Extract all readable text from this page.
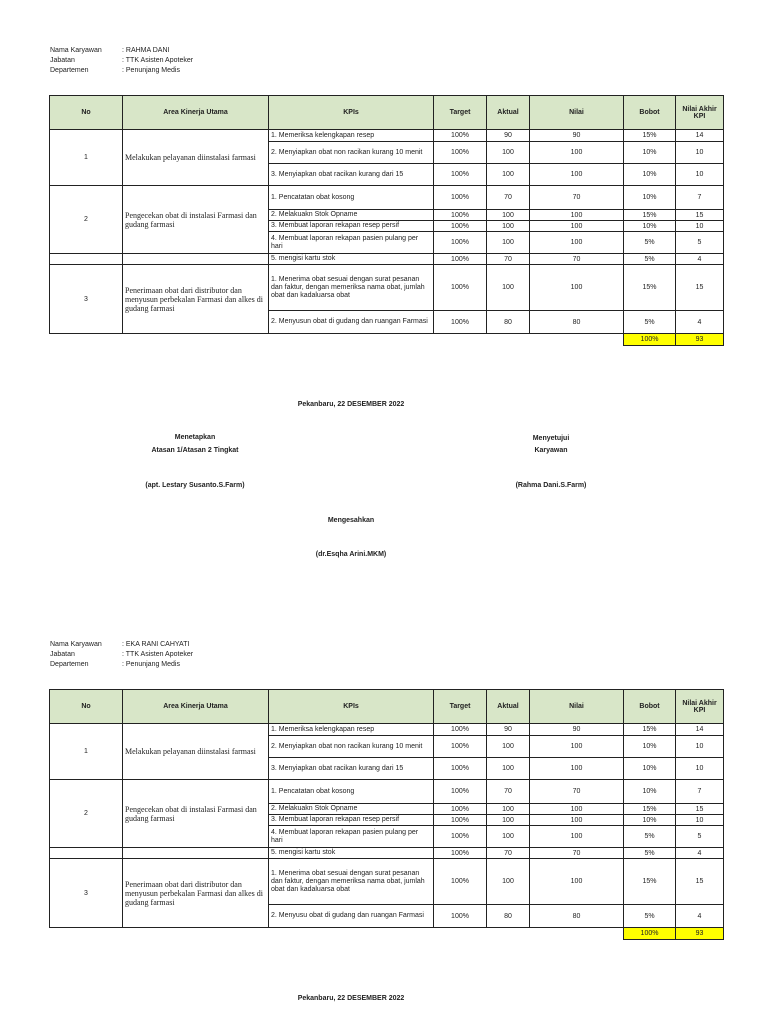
Nama Karyawan	: RAHMA DANI
Jabatan	: TTK Asisten Apoteker
Departemen	: Penunjang Medis
No	Area Kinerja Utama	KPIs	Target	Aktual	Nilai	Bobot	Nilai Akhir KPI
1	Melakukan pelayanan diinstalasi farmasi	1. Memeriksa kelengkapan resep	100%	90	90	15%	14
		2. Menyiapkan obat non racikan kurang 10 menit	100%	100	100	10%	10
		3. Menyiapkan obat racikan kurang dari 15	100%	100	100	10%	10
2	Pengecekan obat di instalasi Farmasi dan gudang farmasi	1. Pencatatan obat kosong	100%	70	70	10%	7
		2. Melakuakn Stok Opname	100%	100	100	15%	15
		3. Membuat laporan rekapan resep persif	100%	100	100	10%	10
		4. Membuat laporan rekapan pasien pulang per hari	100%	100	100	5%	5
		5. mengisi kartu stok	100%	70	70	5%	4
3	Penerimaan obat dari distributor dan menyusun perbekalan Farmasi dan alkes di gudang farmasi	1. Menerima obat sesuai dengan surat pesanan dan faktur, dengan memeriksa nama obat, jumlah obat dan kadaluarsa obat	100%	100	100	15%	15
		2. Menyusun obat di gudang dan ruangan Farmasi	100%	80	80	5%	4
						100%	93
Pekanbaru, 22 DESEMBER 2022
Menetapkan
Atasan 1/Atasan 2 Tingkat
(apt. Lestary Susanto.S.Farm)
Menyetujui
Karyawan
(Rahma Dani.S.Farm)
Mengesahkan
(dr.Esqha Arini.MKM)
Nama Karyawan	: EKA RANI CAHYATI
Jabatan	: TTK Asisten Apoteker
Departemen	: Penunjang Medis
No	Area Kinerja Utama	KPIs	Target	Aktual	Nilai	Bobot	Nilai Akhir KPI
1	Melakukan pelayanan diinstalasi farmasi	1. Memeriksa kelengkapan resep	100%	90	90	15%	14
		2. Menyiapkan obat non racikan kurang 10 menit	100%	100	100	10%	10
		3. Menyiapkan obat racikan kurang dari 15	100%	100	100	10%	10
2	Pengecekan obat di instalasi Farmasi dan gudang farmasi	1. Pencatatan obat kosong	100%	70	70	10%	7
		2. Melakuakn Stok Opname	100%	100	100	15%	15
		3. Membuat laporan rekapan resep persif	100%	100	100	10%	10
		4. Membuat laporan rekapan pasien pulang per hari	100%	100	100	5%	5
		5. mengisi kartu stok	100%	70	70	5%	4
3	Penerimaan obat dari distributor dan menyusun perbekalan Farmasi dan alkes di gudang farmasi	1. Menerima obat sesuai dengan surat pesanan dan faktur, dengan memeriksa nama obat, jumlah obat dan kadaluarsa obat	100%	100	100	15%	15
		2. Menyusu obat di gudang dan ruangan Farmasi	100%	80	80	5%	4
						100%	93
Pekanbaru, 22 DESEMBER 2022
